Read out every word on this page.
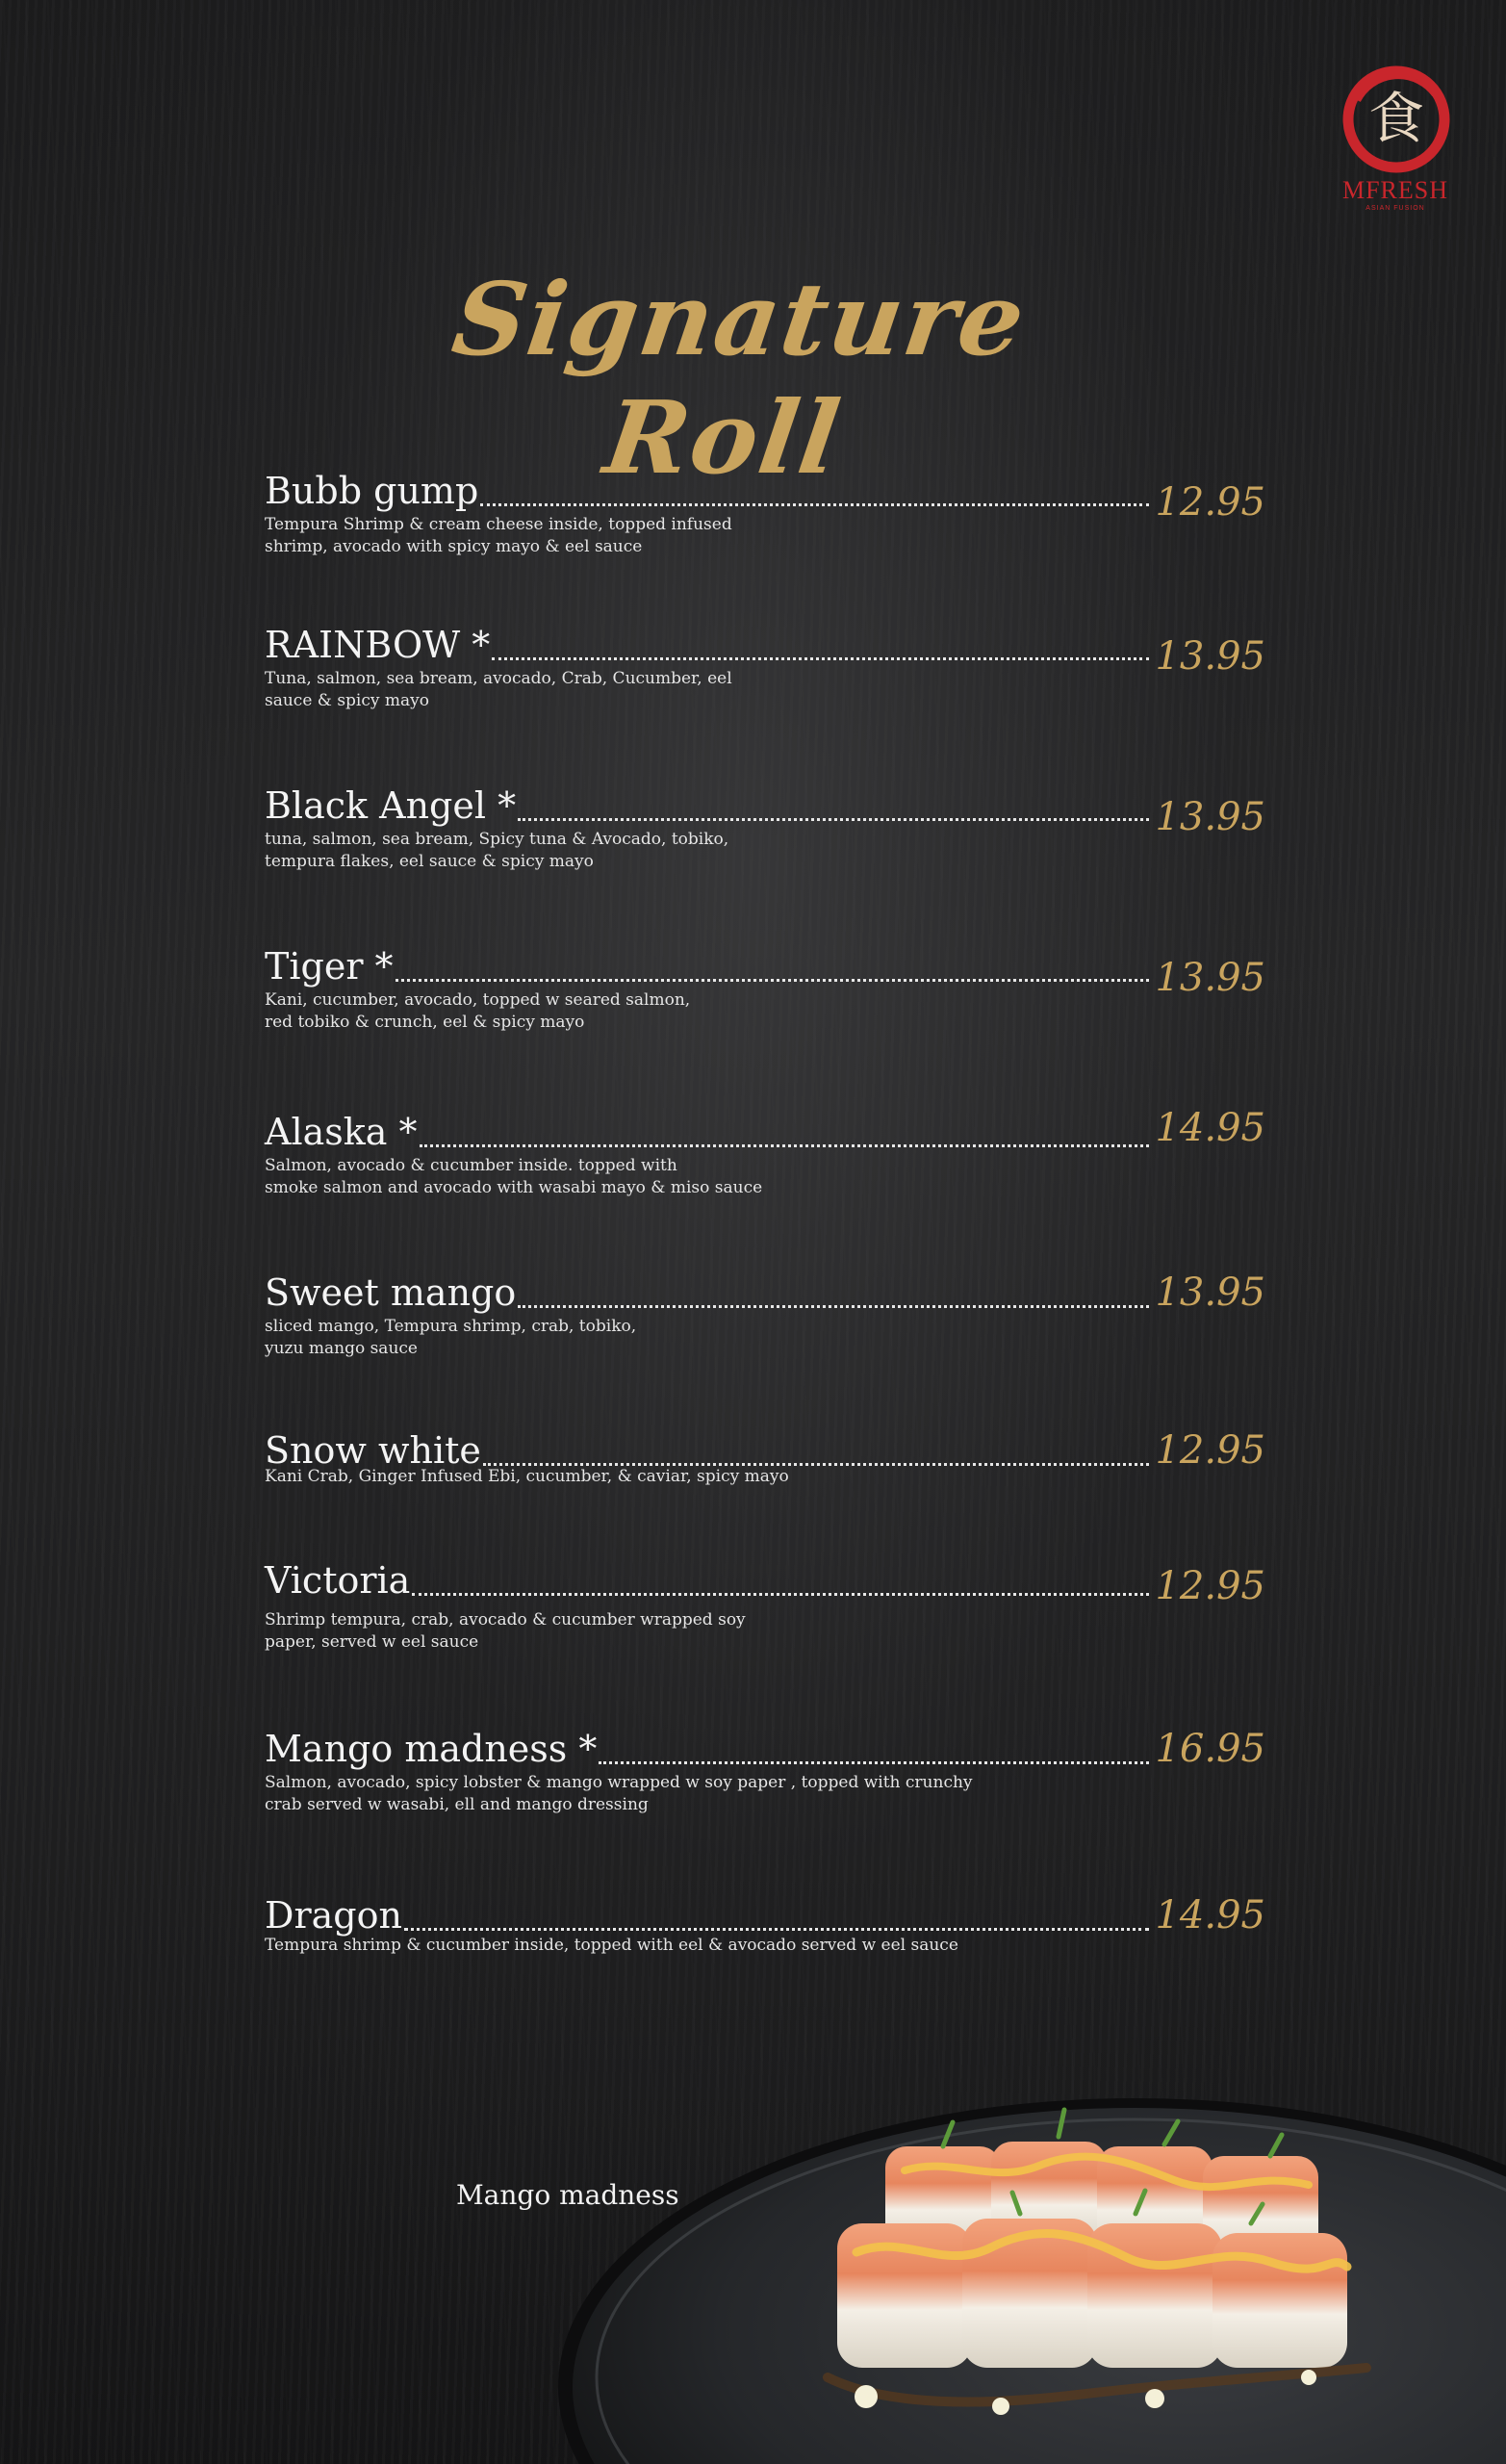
食
MFRESH
ASIAN FUSION
Signature Roll
Bubb gump	12.95
Tempura Shrimp & cream cheese inside, topped infused
shrimp, avocado with spicy mayo & eel sauce
RAINBOW *	13.95
Tuna, salmon, sea bream, avocado, Crab, Cucumber, eel
sauce & spicy mayo
Black Angel *	13.95
tuna, salmon, sea bream, Spicy tuna & Avocado, tobiko,
tempura flakes, eel sauce & spicy mayo
Tiger *	13.95
Kani, cucumber, avocado, topped w seared salmon,
red tobiko & crunch, eel & spicy mayo
Alaska *	14.95
Salmon, avocado & cucumber inside. topped with
smoke salmon and avocado with wasabi mayo & miso sauce
Sweet mango	13.95
sliced mango, Tempura shrimp, crab, tobiko,
yuzu mango sauce
Snow white	12.95
Kani Crab, Ginger Infused Ebi, cucumber, & caviar, spicy mayo
Victoria	12.95
Shrimp tempura, crab, avocado & cucumber wrapped soy
paper, served w eel sauce
Mango madness *	16.95
Salmon, avocado, spicy lobster & mango wrapped w soy paper , topped with crunchy
crab served w wasabi, ell and mango dressing
Dragon	14.95
Tempura shrimp & cucumber inside, topped with eel & avocado served w eel sauce
Mango madness
